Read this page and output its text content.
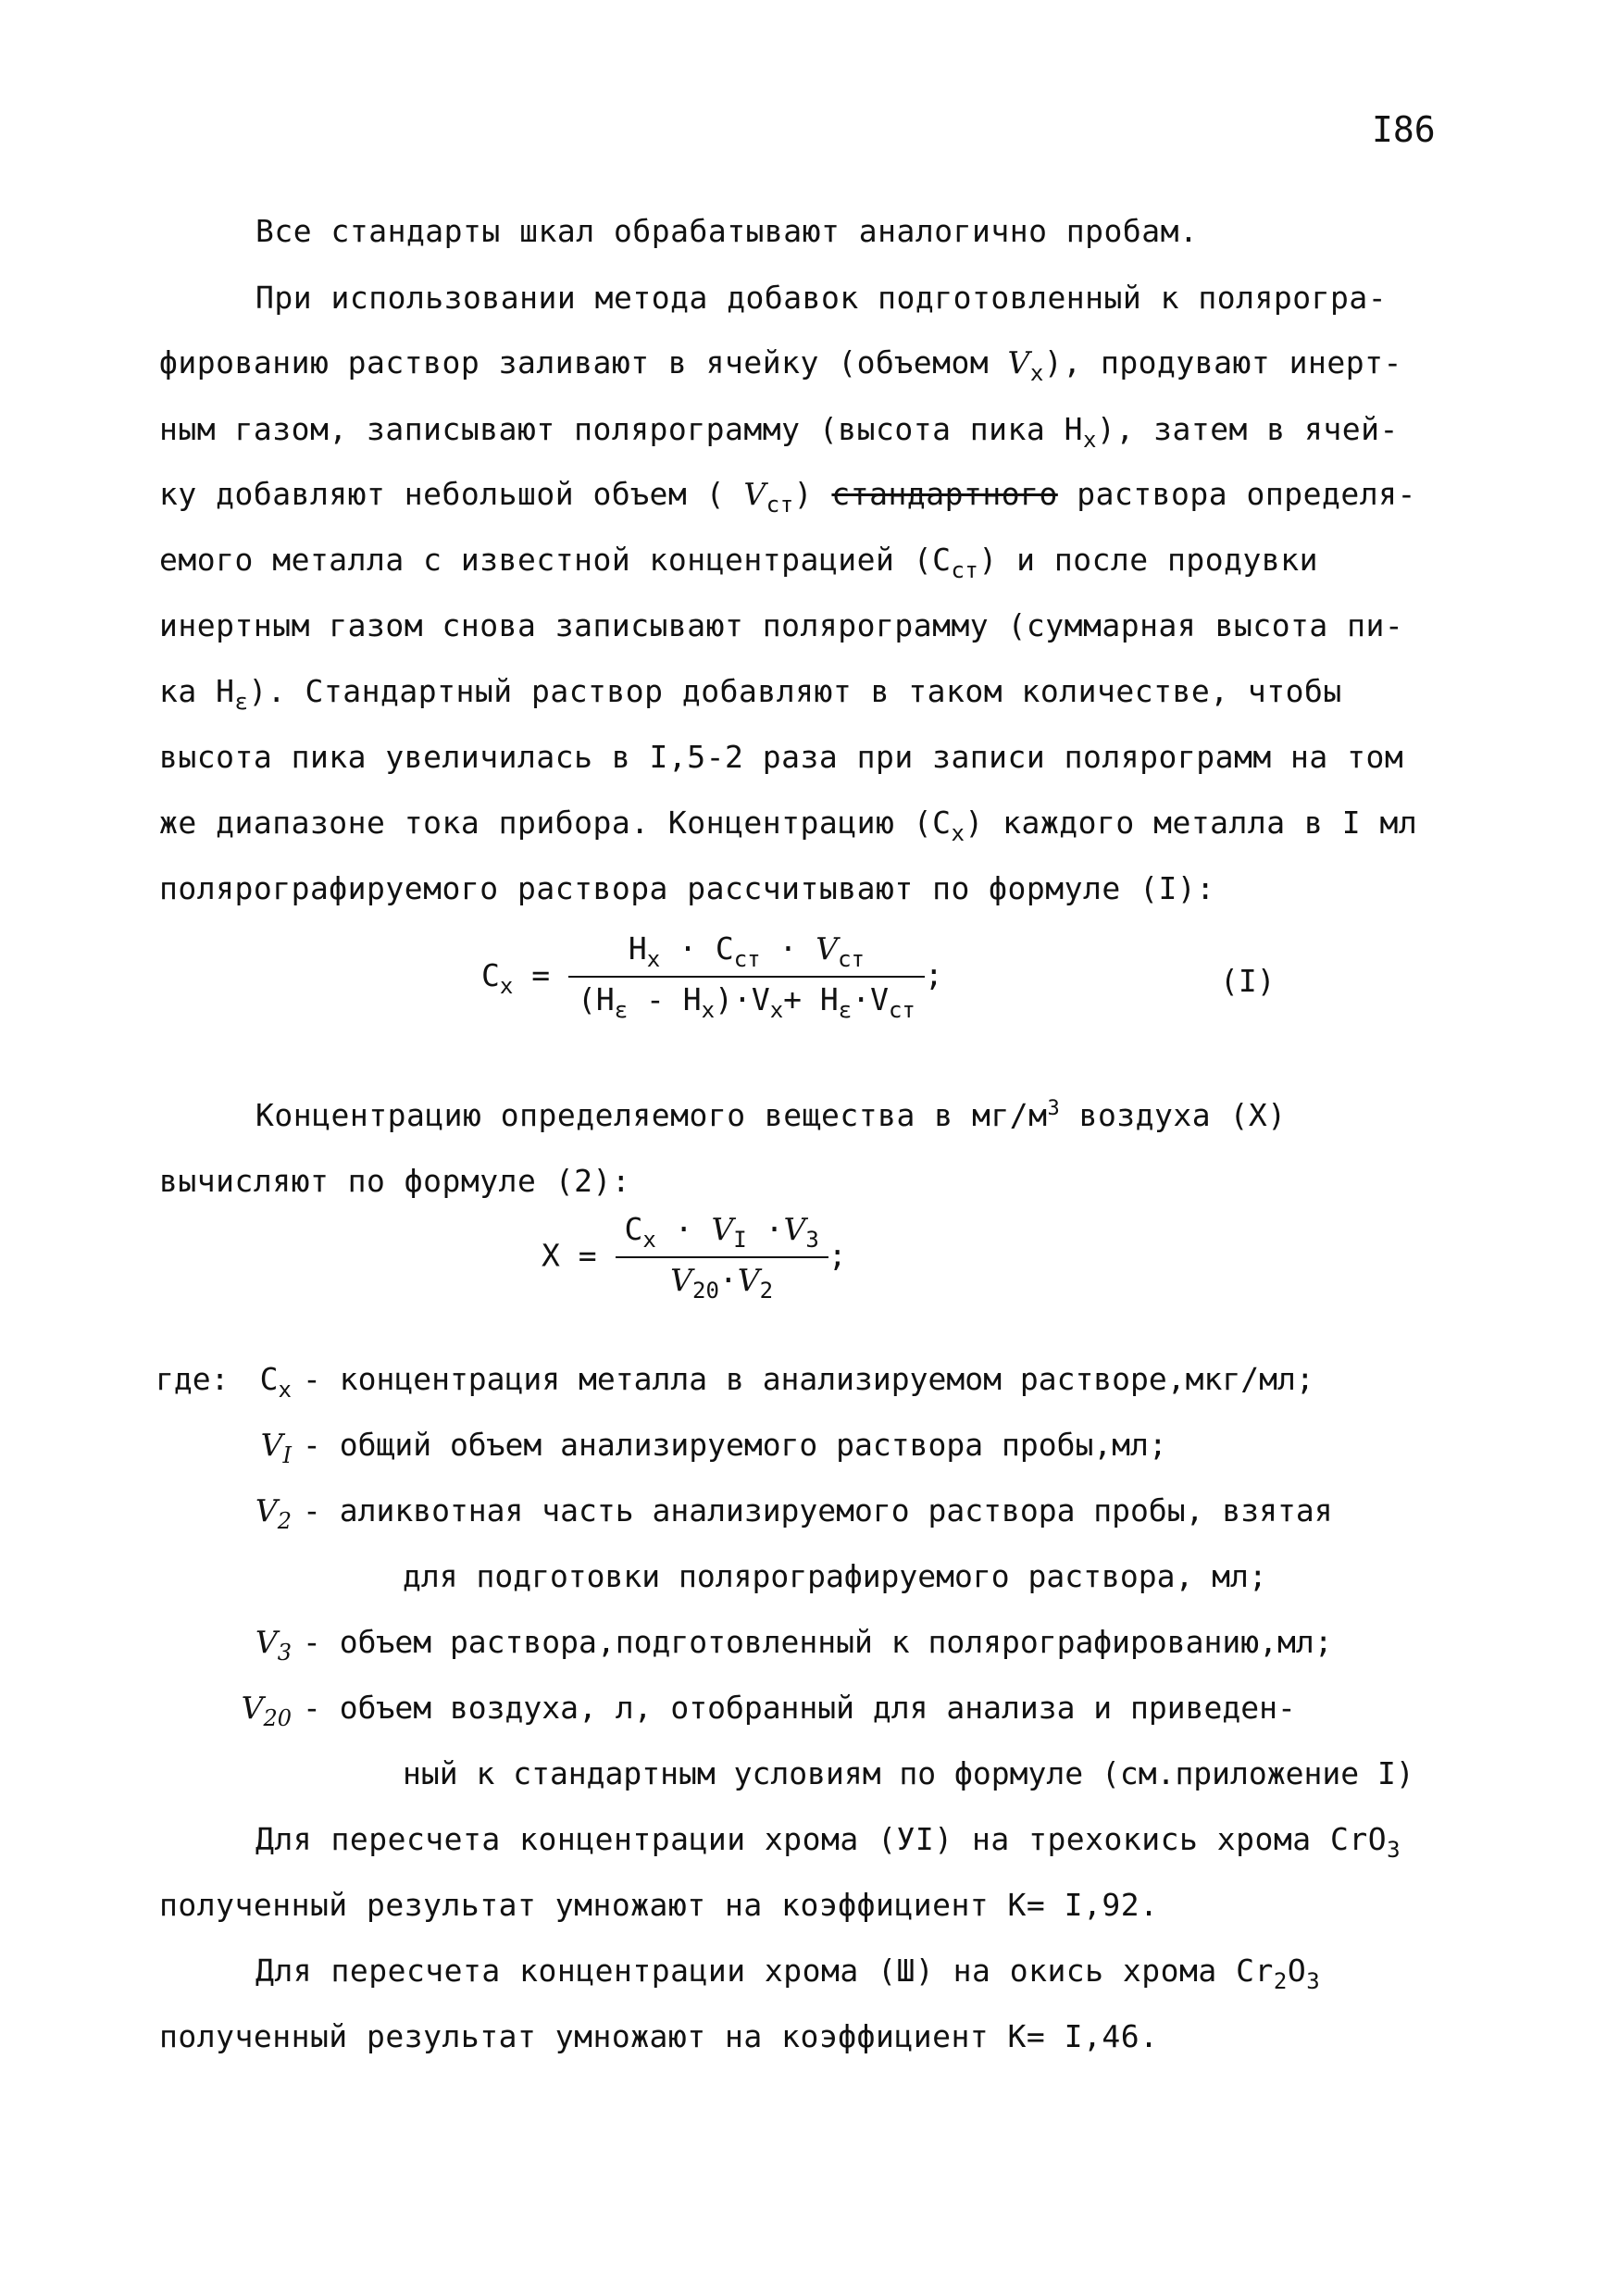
I86
Все стандарты шкал обрабатывают аналогично пробам.
При использовании метода добавок подготовленный к полярогра-
фированию раствор заливают в ячейку (объемом $V_x$), продувают инерт-
ным газом, записывают полярограмму (высота пика $H_x$), затем в ячей-
ку добавляют небольшой объем ( $V_{ст}$) стандартного раствора определя-
емого металла с известной концентрацией $(C_{ст})$ и после продувки
инертным газом снова записывают полярограмму (суммарная высота пи-
ка $H_\varepsilon$). Стандартный раствор добавляют в таком количестве, чтобы
высота пика увеличилась в I,5-2 раза при записи полярограмм на том
же диапазоне тока прибора. Концентрацию $(C_x)$ каждого металла в I мл
полярографируемого раствора рассчитывают по формуле (I):
$C_x = \frac{H_x \cdot C_{ст} \cdot V_{ст}}{(H_\varepsilon - H_x)\cdot V_x+ H_\varepsilon\cdot V_{ст}}$ ;	(I)
Концентрацию определяемого вещества в $мг/м^3$ воздуха (X)
вычисляют по формуле (2):
$X = \frac{C_x \cdot V_I \cdot V_3}{V_{20}\cdot V_2}$ ;
где:	$C_x$ - концентрация металла в анализируемом растворе,мкг/мл;
$V_I$ - общий объем анализируемого раствора пробы,мл;
$V_2$ - аликвотная часть анализируемого раствора пробы, взятая
для подготовки полярографируемого раствора, мл;
$V_3$ - объем раствора,подготовленный к полярографированию,мл;
$V_{20}$ - объем воздуха, л, отобранный для анализа и приведен-
ный к стандартным условиям по формуле (см.приложение I)
Для пересчета концентрации хрома (УI) на трехокись хрома CrO$_3$
полученный результат умножают на коэффициент К= I,92.
Для пересчета концентрации хрома (Ш) на окись хрома $Cr_2O_3$
полученный результат умножают на коэффициент К= I,46.
